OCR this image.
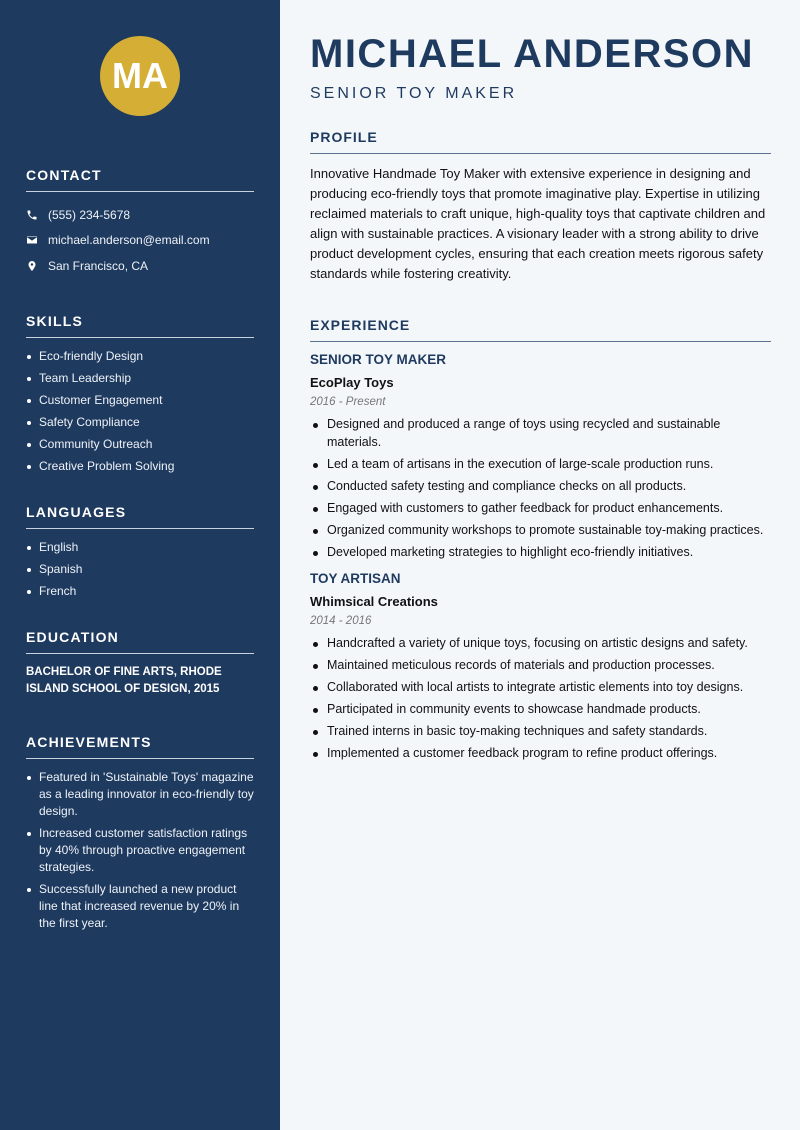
MA
CONTACT
(555) 234-5678
michael.anderson@email.com
San Francisco, CA
SKILLS
Eco-friendly Design
Team Leadership
Customer Engagement
Safety Compliance
Community Outreach
Creative Problem Solving
LANGUAGES
English
Spanish
French
EDUCATION
BACHELOR OF FINE ARTS, RHODE ISLAND SCHOOL OF DESIGN, 2015
ACHIEVEMENTS
Featured in 'Sustainable Toys' magazine as a leading innovator in eco-friendly toy design.
Increased customer satisfaction ratings by 40% through proactive engagement strategies.
Successfully launched a new product line that increased revenue by 20% in the first year.
MICHAEL ANDERSON
SENIOR TOY MAKER
PROFILE
Innovative Handmade Toy Maker with extensive experience in designing and producing eco-friendly toys that promote imaginative play. Expertise in utilizing reclaimed materials to craft unique, high-quality toys that captivate children and align with sustainable practices. A visionary leader with a strong ability to drive product development cycles, ensuring that each creation meets rigorous safety standards while fostering creativity.
EXPERIENCE
SENIOR TOY MAKER
EcoPlay Toys
2016 - Present
Designed and produced a range of toys using recycled and sustainable materials.
Led a team of artisans in the execution of large-scale production runs.
Conducted safety testing and compliance checks on all products.
Engaged with customers to gather feedback for product enhancements.
Organized community workshops to promote sustainable toy-making practices.
Developed marketing strategies to highlight eco-friendly initiatives.
TOY ARTISAN
Whimsical Creations
2014 - 2016
Handcrafted a variety of unique toys, focusing on artistic designs and safety.
Maintained meticulous records of materials and production processes.
Collaborated with local artists to integrate artistic elements into toy designs.
Participated in community events to showcase handmade products.
Trained interns in basic toy-making techniques and safety standards.
Implemented a customer feedback program to refine product offerings.
